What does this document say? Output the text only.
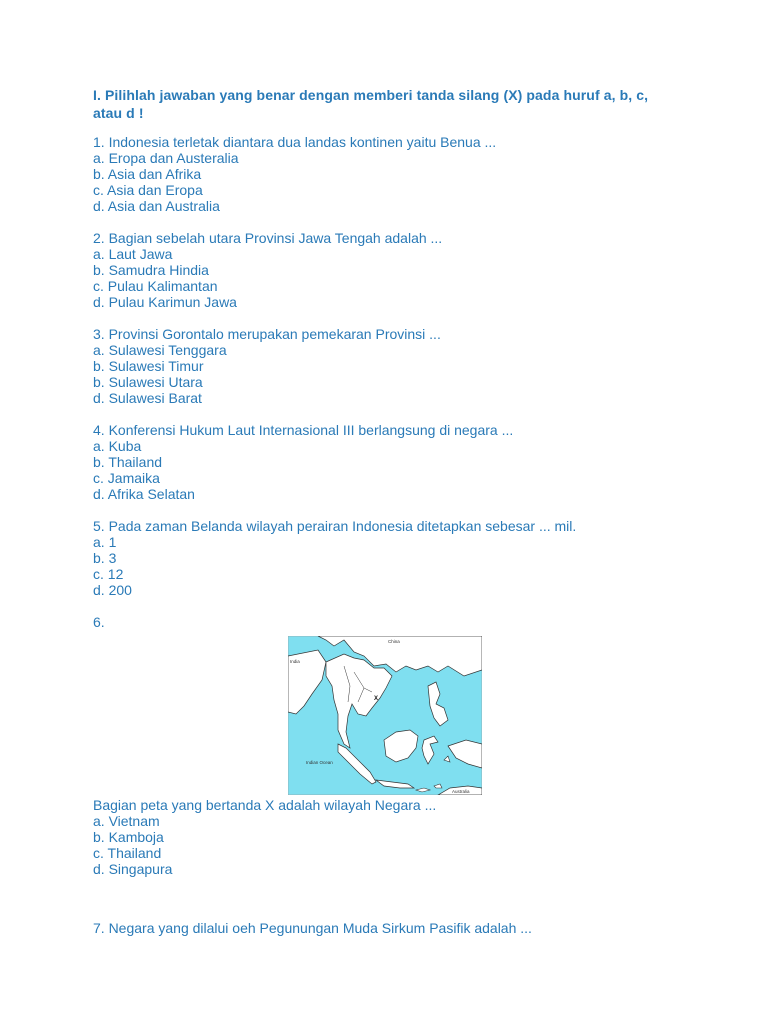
I. Pilihlah jawaban yang benar dengan memberi tanda silang (X) pada huruf a, b, c,
atau d !
1. Indonesia terletak diantara dua landas kontinen yaitu Benua ...
a. Eropa dan Austeralia
b. Asia dan Afrika
c. Asia dan Eropa
d. Asia dan Australia
2. Bagian sebelah utara Provinsi Jawa Tengah adalah ...
a. Laut Jawa
b. Samudra Hindia
c. Pulau Kalimantan
d. Pulau Karimun Jawa
3. Provinsi Gorontalo merupakan pemekaran Provinsi ...
a. Sulawesi Tenggara
b. Sulawesi Timur
b. Sulawesi Utara
d. Sulawesi Barat
4. Konferensi Hukum Laut Internasional III berlangsung di negara ...
a. Kuba
b. Thailand
c. Jamaika
d. Afrika Selatan
5. Pada zaman Belanda wilayah perairan Indonesia ditetapkan sebesar ... mil.
a. 1
b. 3
c. 12
d. 200
6.
China
India
Indian Ocean
Australia
X
Bagian peta yang bertanda X adalah wilayah Negara ...
a. Vietnam
b. Kamboja
c. Thailand
d. Singapura
7. Negara yang dilalui oeh Pegunungan Muda Sirkum Pasifik adalah ...
